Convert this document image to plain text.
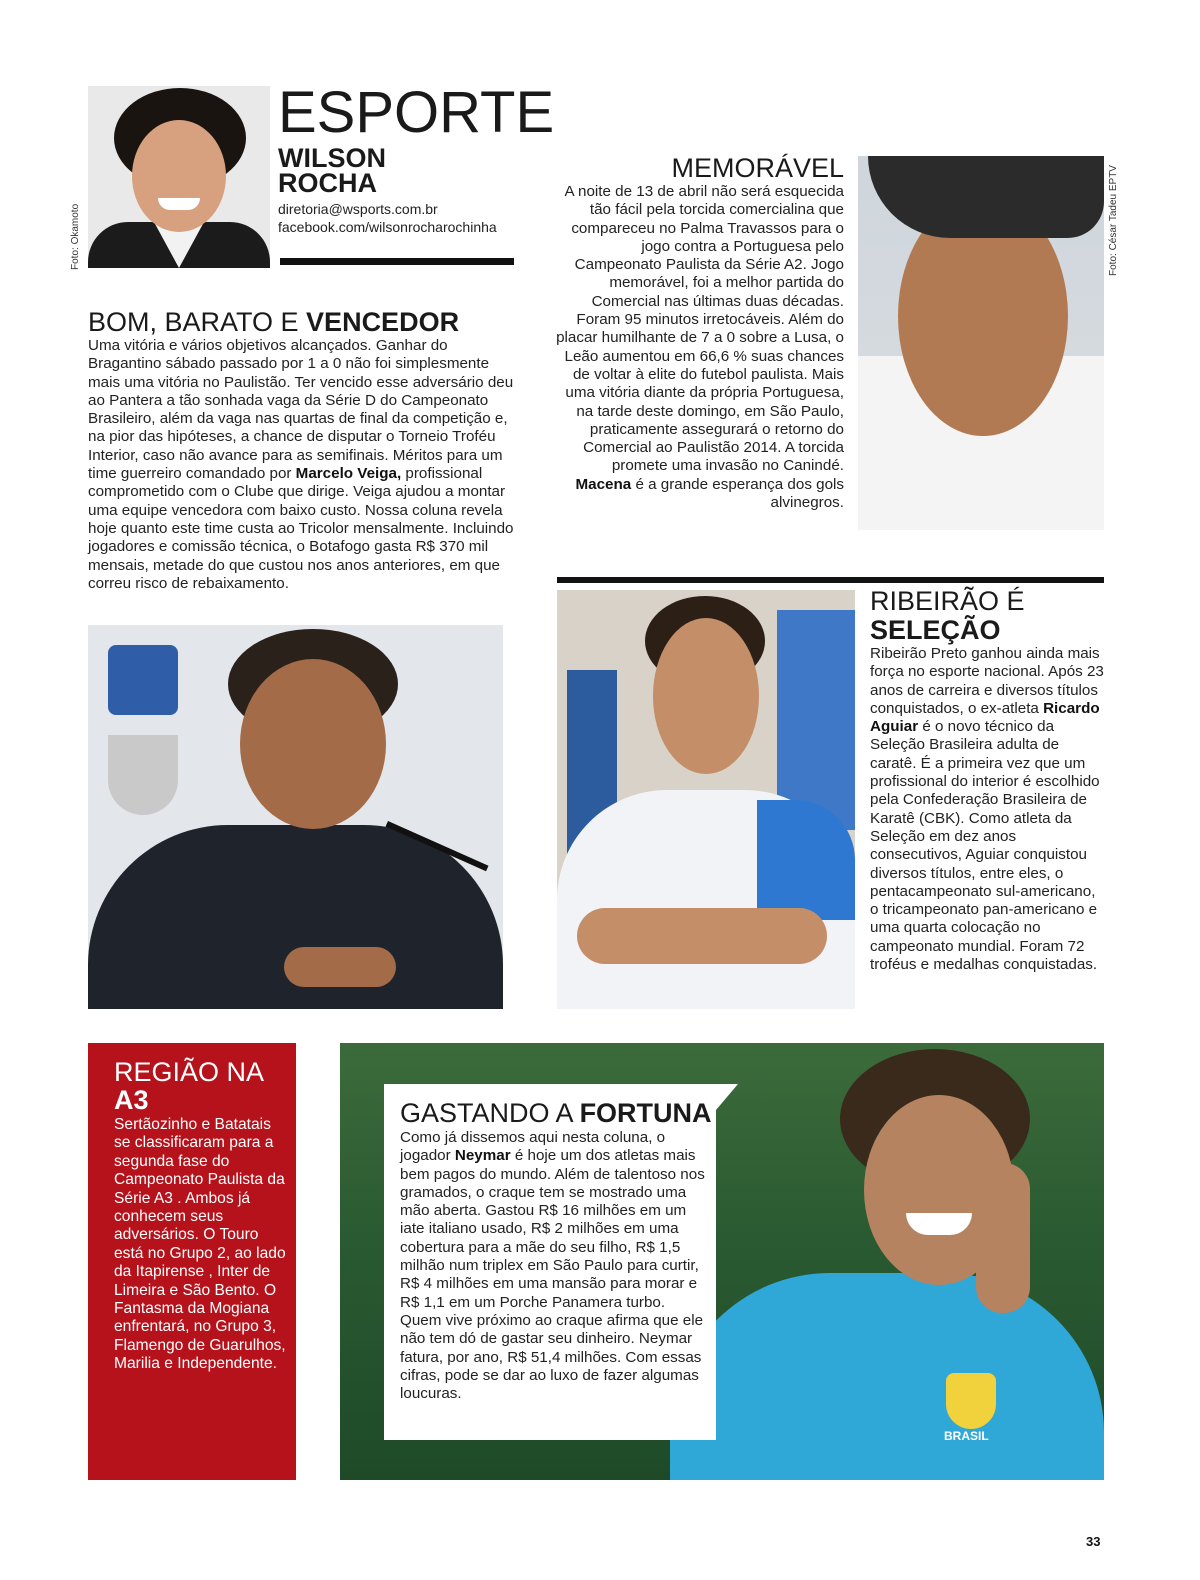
Foto: Okamoto
ESPORTE
WILSON ROCHA
diretoria@wsports.com.br
facebook.com/wilsonrocharochinha
BOM, BARATO E VENCEDOR
Uma vitória e vários objetivos alcançados. Ganhar do Bragantino sábado passado por 1 a 0 não foi simplesmente mais uma vitória no Paulistão. Ter vencido esse adversário deu ao Pantera a tão sonhada vaga da Série D do Campeonato Brasileiro, além da vaga nas quartas de final da competição e, na pior das hipóteses, a chance de disputar o Torneio Troféu Interior, caso não avance para as semifinais. Méritos para um time guerreiro comandado por Marcelo Veiga, profissional comprometido com o Clube que dirige. Veiga ajudou a montar uma equipe vencedora com baixo custo. Nossa coluna revela hoje quanto este time custa ao Tricolor mensalmente. Incluindo jogadores e comissão técnica, o Botafogo gasta R$ 370 mil mensais, metade do que custou nos anos anteriores, em que correu risco de rebaixamento.
MEMORÁVEL
A noite de 13 de abril não será esquecida tão fácil pela torcida comercialina que compareceu no Palma Travassos para o jogo contra a Portuguesa pelo Campeonato Paulista da Série A2. Jogo memorável, foi a melhor partida do Comercial nas últimas duas décadas. Foram 95 minutos irretocáveis. Além do placar humilhante de 7 a 0 sobre a Lusa, o Leão aumentou em 66,6 % suas chances de voltar à elite do futebol paulista. Mais uma vitória diante da própria Portuguesa, na tarde deste domingo, em São Paulo, praticamente assegurará o retorno do Comercial ao Paulistão 2014. A torcida promete uma invasão no Canindé. Macena é a grande esperança dos gols alvinegros.
Foto: César Tadeu EPTV
RIBEIRÃO É
SELEÇÃO
Ribeirão Preto ganhou ainda mais força no esporte nacional. Após 23 anos de carreira e diversos títulos conquistados, o ex-atleta Ricardo Aguiar é o novo técnico da Seleção Brasileira adulta de caratê. É a primeira vez que um profissional do interior é escolhido pela Confederação Brasileira de Karatê (CBK). Como atleta da Seleção em dez anos consecutivos, Aguiar conquistou diversos títulos, entre eles, o pentacampeonato sul-americano, o tricampeonato pan-americano e uma quarta colocação no campeonato mundial. Foram 72 troféus e medalhas conquistadas.
REGIÃO NA A3
Sertãozinho e Batatais se classificaram para a segunda fase do Campeonato Paulista da Série A3 . Ambos já conhecem seus adversários. O Touro está no Grupo 2, ao lado da Itapirense , Inter de Limeira e São Bento. O Fantasma da Mogiana enfrentará, no Grupo 3, Flamengo de Guarulhos, Marilia e Independente.
BRASIL
GASTANDO A FORTUNA
Como já dissemos aqui nesta coluna, o jogador Neymar é hoje um dos atletas mais bem pagos do mundo. Além de talentoso nos gramados, o craque tem se mostrado uma mão aberta. Gastou R$ 16 milhões em um iate italiano usado, R$ 2 milhões em uma cobertura para a mãe do seu filho, R$ 1,5 milhão num triplex em São Paulo para curtir, R$ 4 milhões em uma mansão para morar e R$ 1,1 em um Porche Panamera turbo. Quem vive próximo ao craque afirma que ele não tem dó de gastar seu dinheiro. Neymar fatura, por ano, R$ 51,4 milhões. Com essas cifras, pode se dar ao luxo de fazer algumas loucuras.
33
